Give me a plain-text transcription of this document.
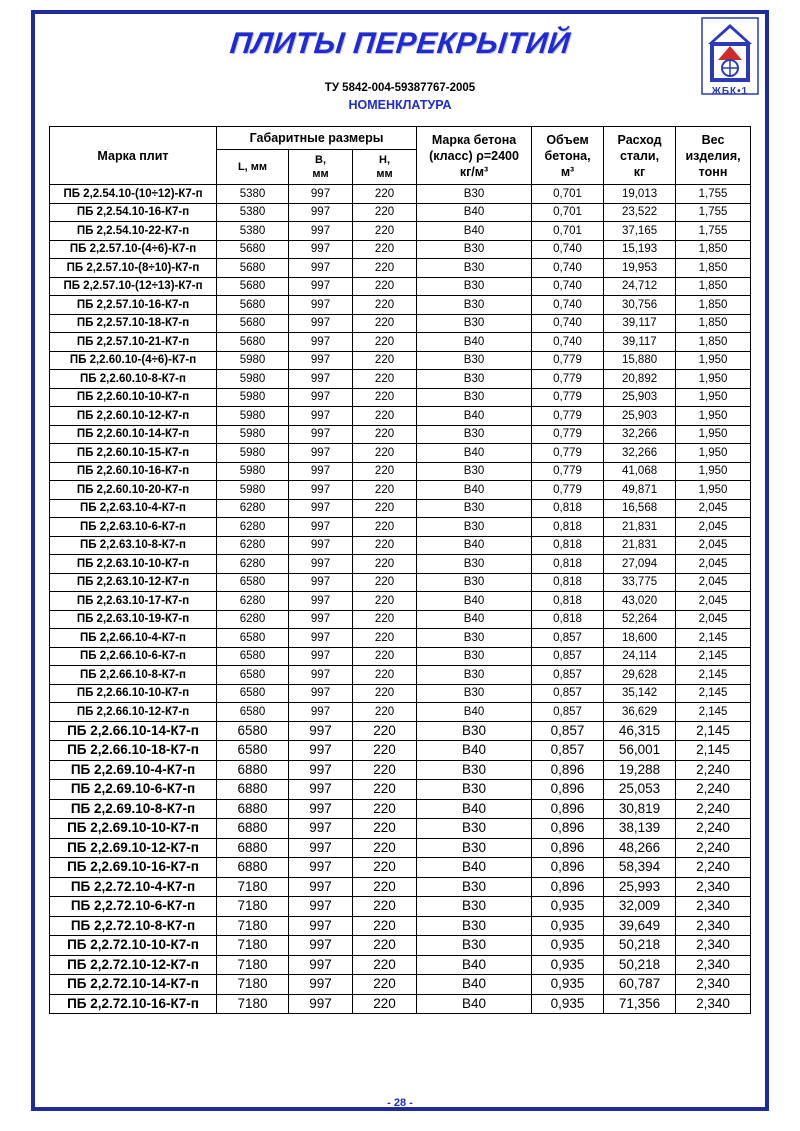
ПЛИТЫ ПЕРЕКРЫТИЙ
ЖБК•1
ТУ 5842-004-59387767-2005
НОМЕНКЛАТУРА
Марка плит	Габаритные размеры			Марка бетона (класс) ρ=2400 кг/м³	Объем бетона, м³	Расход стали, кг	Вес изделия, тонн
	L, мм	B, мм	H, мм				
ПБ 2,2.54.10-(10÷12)-К7-п	5380	997	220	В30	0,701	19,013	1,755
ПБ 2,2.54.10-16-К7-п	5380	997	220	В40	0,701	23,522	1,755
ПБ 2,2.54.10-22-К7-п	5380	997	220	В40	0,701	37,165	1,755
ПБ 2,2.57.10-(4÷6)-К7-п	5680	997	220	В30	0,740	15,193	1,850
ПБ 2,2.57.10-(8÷10)-К7-п	5680	997	220	В30	0,740	19,953	1,850
ПБ 2,2.57.10-(12÷13)-К7-п	5680	997	220	В30	0,740	24,712	1,850
ПБ 2,2.57.10-16-К7-п	5680	997	220	В30	0,740	30,756	1,850
ПБ 2,2.57.10-18-К7-п	5680	997	220	В30	0,740	39,117	1,850
ПБ 2,2.57.10-21-К7-п	5680	997	220	В40	0,740	39,117	1,850
ПБ 2,2.60.10-(4÷6)-К7-п	5980	997	220	В30	0,779	15,880	1,950
ПБ 2,2.60.10-8-К7-п	5980	997	220	В30	0,779	20,892	1,950
ПБ 2,2.60.10-10-К7-п	5980	997	220	В30	0,779	25,903	1,950
ПБ 2,2.60.10-12-К7-п	5980	997	220	В40	0,779	25,903	1,950
ПБ 2,2.60.10-14-К7-п	5980	997	220	В30	0,779	32,266	1,950
ПБ 2,2.60.10-15-К7-п	5980	997	220	В40	0,779	32,266	1,950
ПБ 2,2.60.10-16-К7-п	5980	997	220	В30	0,779	41,068	1,950
ПБ 2,2.60.10-20-К7-п	5980	997	220	В40	0,779	49,871	1,950
ПБ 2,2.63.10-4-К7-п	6280	997	220	В30	0,818	16,568	2,045
ПБ 2,2.63.10-6-К7-п	6280	997	220	В30	0,818	21,831	2,045
ПБ 2,2.63.10-8-К7-п	6280	997	220	В40	0,818	21,831	2,045
ПБ 2,2.63.10-10-К7-п	6280	997	220	В30	0,818	27,094	2,045
ПБ 2,2.63.10-12-К7-п	6580	997	220	В30	0,818	33,775	2,045
ПБ 2,2.63.10-17-К7-п	6280	997	220	В40	0,818	43,020	2,045
ПБ 2,2.63.10-19-К7-п	6280	997	220	В40	0,818	52,264	2,045
ПБ 2,2.66.10-4-К7-п	6580	997	220	В30	0,857	18,600	2,145
ПБ 2,2.66.10-6-К7-п	6580	997	220	В30	0,857	24,114	2,145
ПБ 2,2.66.10-8-К7-п	6580	997	220	В30	0,857	29,628	2,145
ПБ 2,2.66.10-10-К7-п	6580	997	220	В30	0,857	35,142	2,145
ПБ 2,2.66.10-12-К7-п	6580	997	220	В40	0,857	36,629	2,145
ПБ 2,2.66.10-14-К7-п	6580	997	220	В30	0,857	46,315	2,145
ПБ 2,2.66.10-18-К7-п	6580	997	220	В40	0,857	56,001	2,145
ПБ 2,2.69.10-4-К7-п	6880	997	220	В30	0,896	19,288	2,240
ПБ 2,2.69.10-6-К7-п	6880	997	220	В30	0,896	25,053	2,240
ПБ 2,2.69.10-8-К7-п	6880	997	220	В40	0,896	30,819	2,240
ПБ 2,2.69.10-10-К7-п	6880	997	220	В30	0,896	38,139	2,240
ПБ 2,2.69.10-12-К7-п	6880	997	220	В30	0,896	48,266	2,240
ПБ 2,2.69.10-16-К7-п	6880	997	220	В40	0,896	58,394	2,240
ПБ 2,2.72.10-4-К7-п	7180	997	220	В30	0,896	25,993	2,340
ПБ 2,2.72.10-6-К7-п	7180	997	220	В30	0,935	32,009	2,340
ПБ 2,2.72.10-8-К7-п	7180	997	220	В30	0,935	39,649	2,340
ПБ 2,2.72.10-10-К7-п	7180	997	220	В30	0,935	50,218	2,340
ПБ 2,2.72.10-12-К7-п	7180	997	220	В40	0,935	50,218	2,340
ПБ 2,2.72.10-14-К7-п	7180	997	220	В40	0,935	60,787	2,340
ПБ 2,2.72.10-16-К7-п	7180	997	220	В40	0,935	71,356	2,340
- 28 -
